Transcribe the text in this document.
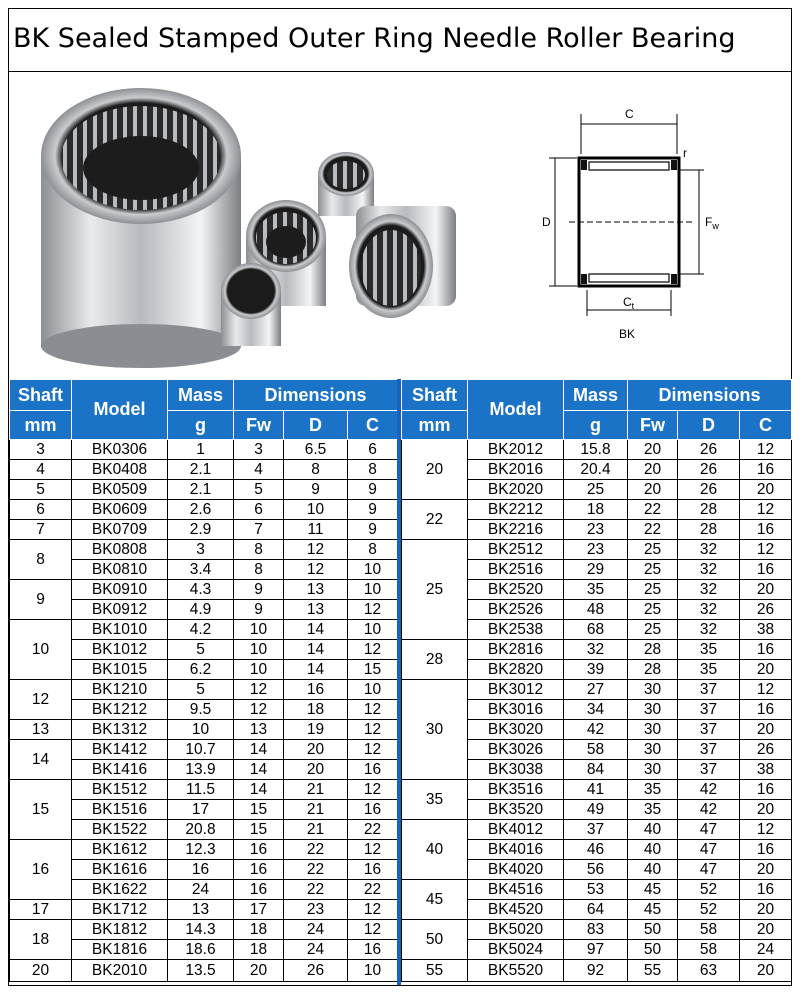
BK Sealed Stamped Outer Ring Needle Roller Bearing
C
r
D	$F_w$
$C_t$
BK
Shaft	Model	Mass	Dimensions		
mm		g	Fw	D	C
3	BK0306	1	3	6.5	6
4	BK0408	2.1	4	8	8
5	BK0509	2.1	5	9	9
6	BK0609	2.6	6	10	9
7	BK0709	2.9	7	11	9
8	BK0808	3	8	12	8
	BK0810	3.4	8	12	10
9	BK0910	4.3	9	13	10
	BK0912	4.9	9	13	12
10	BK1010	4.2	10	14	10
	BK1012	5	10	14	12
	BK1015	6.2	10	14	15
12	BK1210	5	12	16	10
	BK1212	9.5	12	18	12
13	BK1312	10	13	19	12
14	BK1412	10.7	14	20	12
	BK1416	13.9	14	20	16
15	BK1512	11.5	14	21	12
	BK1516	17	15	21	16
	BK1522	20.8	15	21	22
16	BK1612	12.3	16	22	12
	BK1616	16	16	22	16
	BK1622	24	16	22	22
17	BK1712	13	17	23	12
18	BK1812	14.3	18	24	12
	BK1816	18.6	18	24	16
20	BK2010	13.5	20	26	10
Shaft	Model	Mass	Dimensions		
mm		g	Fw	D	C
20	BK2012	15.8	20	26	12
	BK2016	20.4	20	26	16
	BK2020	25	20	26	20
22	BK2212	18	22	28	12
	BK2216	23	22	28	16
25	BK2512	23	25	32	12
	BK2516	29	25	32	16
	BK2520	35	25	32	20
	BK2526	48	25	32	26
	BK2538	68	25	32	38
28	BK2816	32	28	35	16
	BK2820	39	28	35	20
30	BK3012	27	30	37	12
	BK3016	34	30	37	16
	BK3020	42	30	37	20
	BK3026	58	30	37	26
	BK3038	84	30	37	38
35	BK3516	41	35	42	16
	BK3520	49	35	42	20
40	BK4012	37	40	47	12
	BK4016	46	40	47	16
	BK4020	56	40	47	20
45	BK4516	53	45	52	16
	BK4520	64	45	52	20
50	BK5020	83	50	58	20
	BK5024	97	50	58	24
55	BK5520	92	55	63	20
